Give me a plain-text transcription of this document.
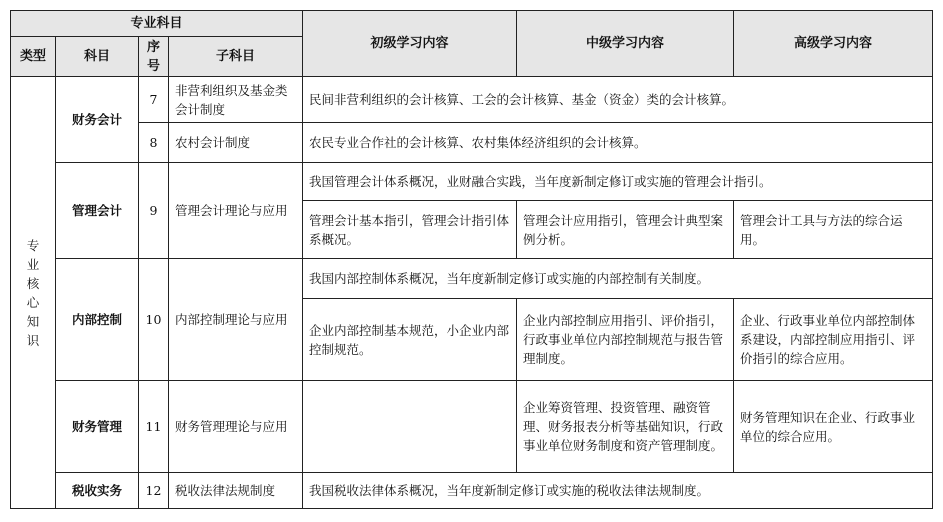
专业科目				初级学习内容	中级学习内容	高级学习内容
类型	科目	序号	子科目			
专业核心知识	财务会计	7	非营利组织及基金类会计制度	民间非营利组织的会计核算、工会的会计核算、基金（资金）类的会计核算。		
		8	农村会计制度	农民专业合作社的会计核算、农村集体经济组织的会计核算。		
	管理会计	9	管理会计理论与应用	我国管理会计体系概况，业财融合实践，当年度新制定修订或实施的管理会计指引。		
				管理会计基本指引，管理会计指引体系概况。	管理会计应用指引，管理会计典型案例分析。	管理会计工具与方法的综合运用。
	内部控制	10	内部控制理论与应用	我国内部控制体系概况，当年度新制定修订或实施的内部控制有关制度。		
				企业内部控制基本规范，小企业内部控制规范。	企业内部控制应用指引、评价指引，行政事业单位内部控制规范与报告管理制度。	企业、行政事业单位内部控制体系建设，内部控制应用指引、评价指引的综合应用。
	财务管理	11	财务管理理论与应用		企业筹资管理、投资管理、融资管理、财务报表分析等基础知识，行政事业单位财务制度和资产管理制度。	财务管理知识在企业、行政事业单位的综合应用。
	税收实务	12	税收法律法规制度	我国税收法律体系概况，当年度新制定修订或实施的税收法律法规制度。		
